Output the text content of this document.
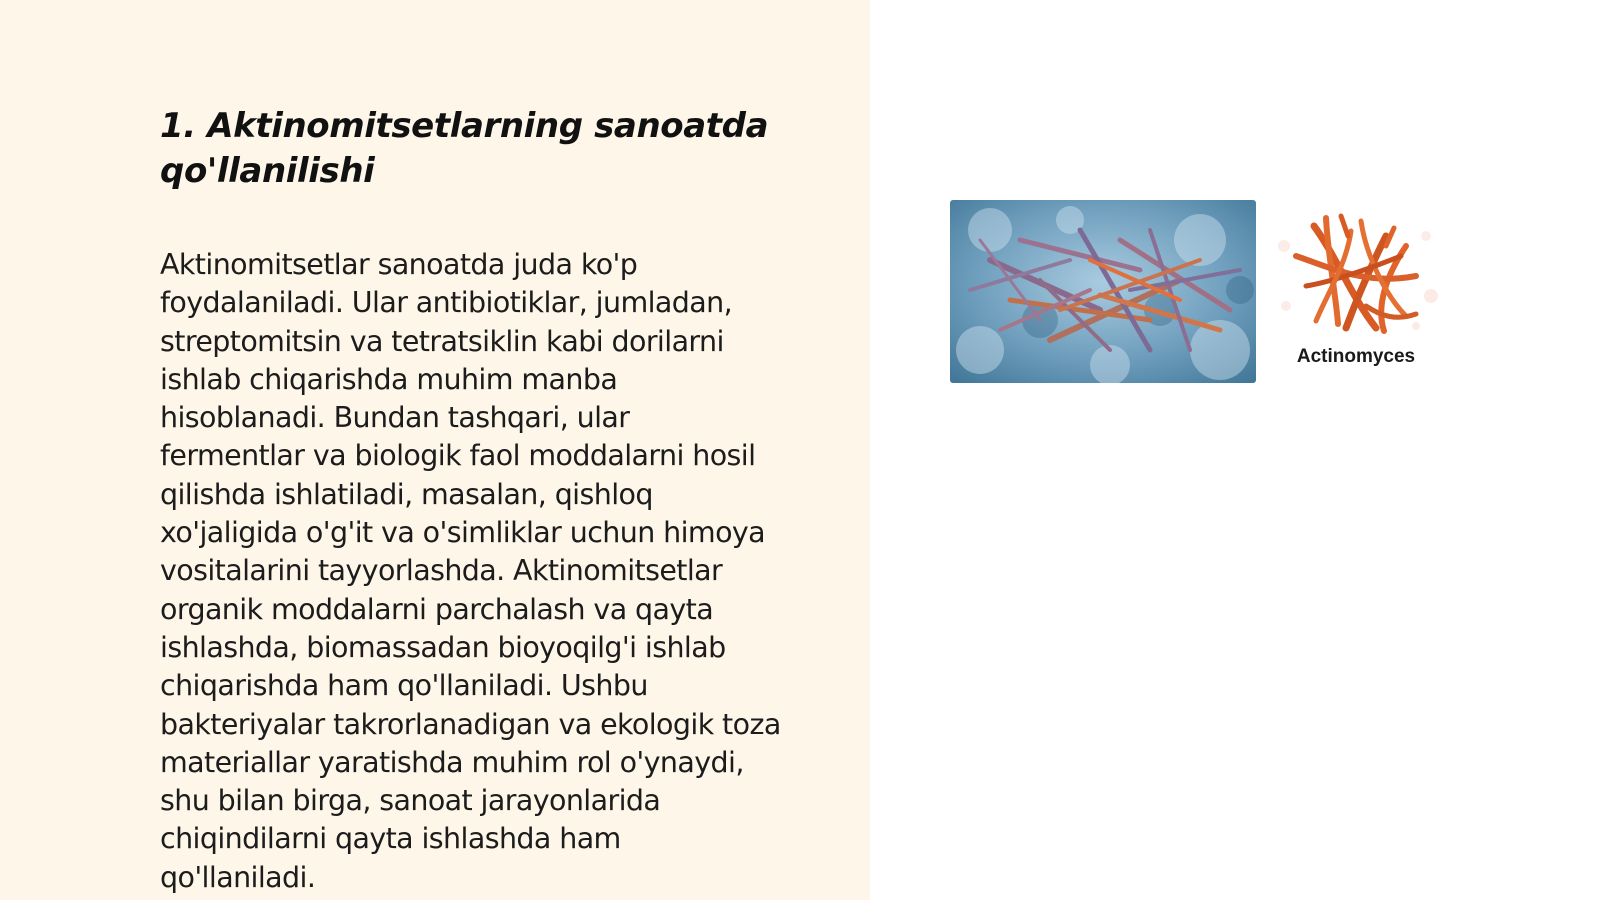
1. Aktinomitsetlarning sanoatda qo'llanilishi
Aktinomitsetlar sanoatda juda ko'p
foydalaniladi. Ular antibiotiklar, jumladan,
streptomitsin va tetratsiklin kabi dorilarni
ishlab chiqarishda muhim manba
hisoblanadi. Bundan tashqari, ular
fermentlar va biologik faol moddalarni hosil
qilishda ishlatiladi, masalan, qishloq
xo'jaligida o'g'it va o'simliklar uchun himoya
vositalarini tayyorlashda. Aktinomitsetlar
organik moddalarni parchalash va qayta
ishlashda, biomassadan bioyoqilg'i ishlab
chiqarishda ham qo'llaniladi. Ushbu
bakteriyalar takrorlanadigan va ekologik toza
materiallar yaratishda muhim rol o'ynaydi,
shu bilan birga, sanoat jarayonlarida
chiqindilarni qayta ishlashda ham
qo'llaniladi.
Actinomyces
